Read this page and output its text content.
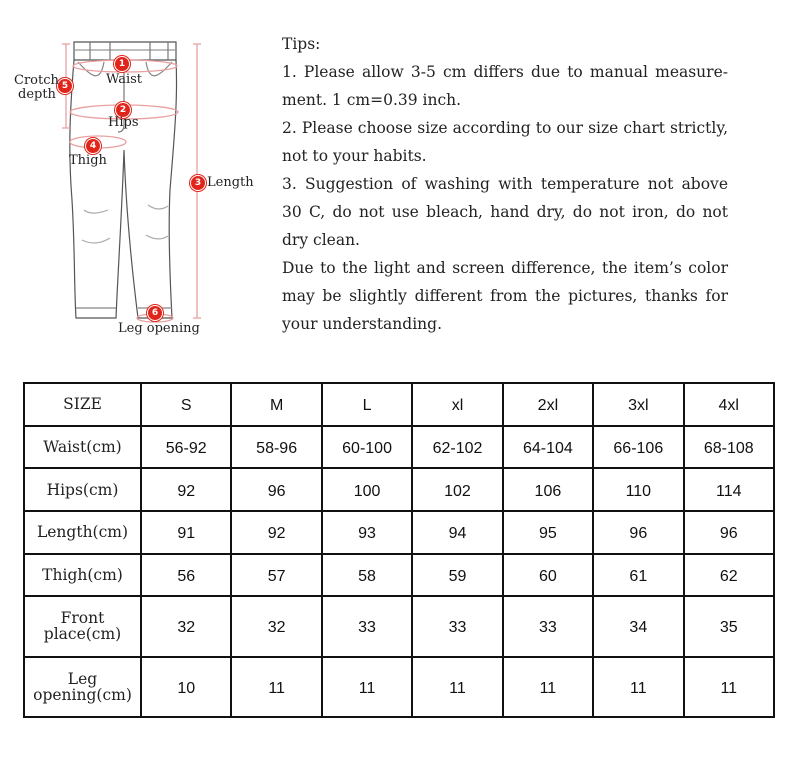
1
Waist
2
Hips
4
Thigh
5
Crotch
depth
3 Length
6
Leg opening

Tips:

1. Please allow 3-5 cm differs due to manual measure-ment. 1 cm=0.39 inch.

2. Please choose size according to our size chart strictly, not to your habits.

3. Suggestion of washing with temperature not above 30 C, do not use bleach, hand dry, do not iron, do not dry clean.

Due to the light and screen difference, the item’s color may be slightly different from the pictures, thanks for your understanding.

SIZE	S	M	L	xl	2xl	3xl	4xl
Waist(cm)	56-92	58-96	60-100	62-102	64-104	66-106	68-108
Hips(cm)	92	96	100	102	106	110	114
Length(cm)	91	92	93	94	95	96	96
Thigh(cm)	56	57	58	59	60	61	62
Front place(cm)	32	32	33	33	33	34	35
Leg opening(cm)	10	11	11	11	11	11	11
